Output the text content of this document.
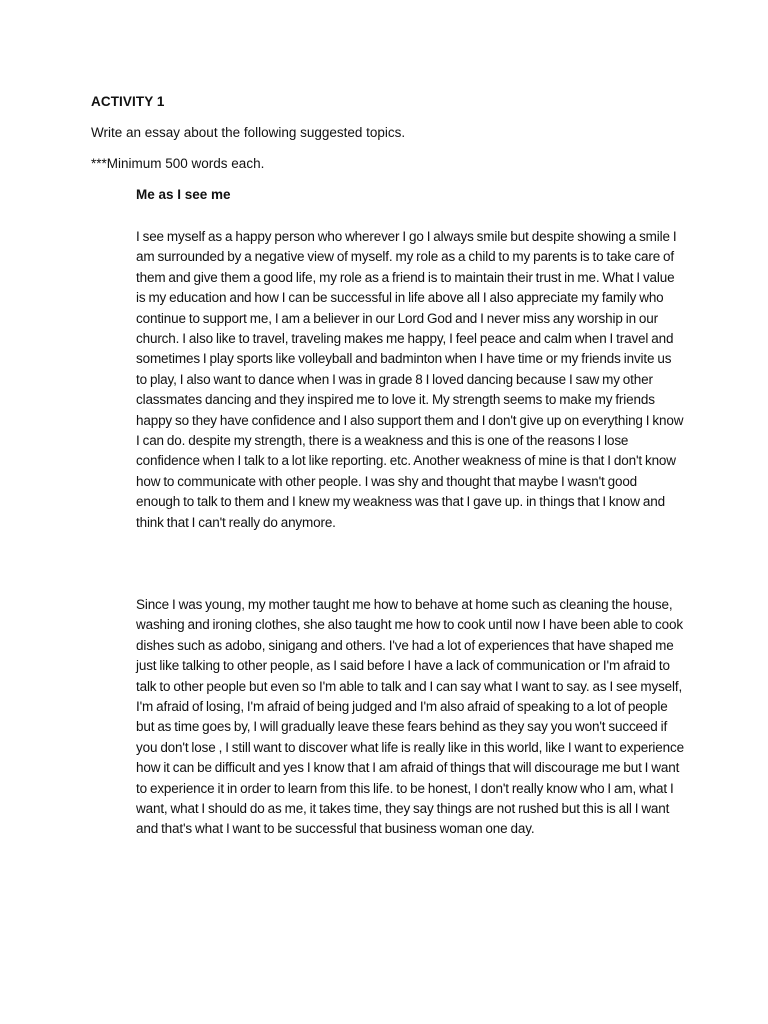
ACTIVITY 1

Write an essay about the following suggested topics.

***Minimum 500 words each.

Me as I see me

I see myself as a happy person who wherever I go I always smile but despite showing a smile I am surrounded by a negative view of myself. my role as a child to my parents is to take care of them and give them a good life, my role as a friend is to maintain their trust in me. What I value is my education and how I can be successful in life above all I also appreciate my family who continue to support me, I am a believer in our Lord God and I never miss any worship in our church. I also like to travel, traveling makes me happy, I feel peace and calm when I travel and sometimes I play sports like volleyball and badminton when I have time or my friends invite us to play, I also want to dance when I was in grade 8 I loved dancing because I saw my other classmates dancing and they inspired me to love it. My strength seems to make my friends happy so they have confidence and I also support them and I don't give up on everything I know I can do. despite my strength, there is a weakness and this is one of the reasons I lose confidence when I talk to a lot like reporting. etc. Another weakness of mine is that I don't know how to communicate with other people. I was shy and thought that maybe I wasn't good enough to talk to them and I knew my weakness was that I gave up. in things that I know and think that I can't really do anymore.

Since I was young, my mother taught me how to behave at home such as cleaning the house, washing and ironing clothes, she also taught me how to cook until now I have been able to cook dishes such as adobo, sinigang and others. I've had a lot of experiences that have shaped me just like talking to other people, as I said before I have a lack of communication or I'm afraid to talk to other people but even so I'm able to talk and I can say what I want to say. as I see myself, I'm afraid of losing, I'm afraid of being judged and I'm also afraid of speaking to a lot of people but as time goes by, I will gradually leave these fears behind as they say you won't succeed if you don't lose , I still want to discover what life is really like in this world, like I want to experience how it can be difficult and yes I know that I am afraid of things that will discourage me but I want to experience it in order to learn from this life. to be honest, I don't really know who I am, what I want, what I should do as me, it takes time, they say things are not rushed but this is all I want and that's what I want to be successful that business woman one day.
